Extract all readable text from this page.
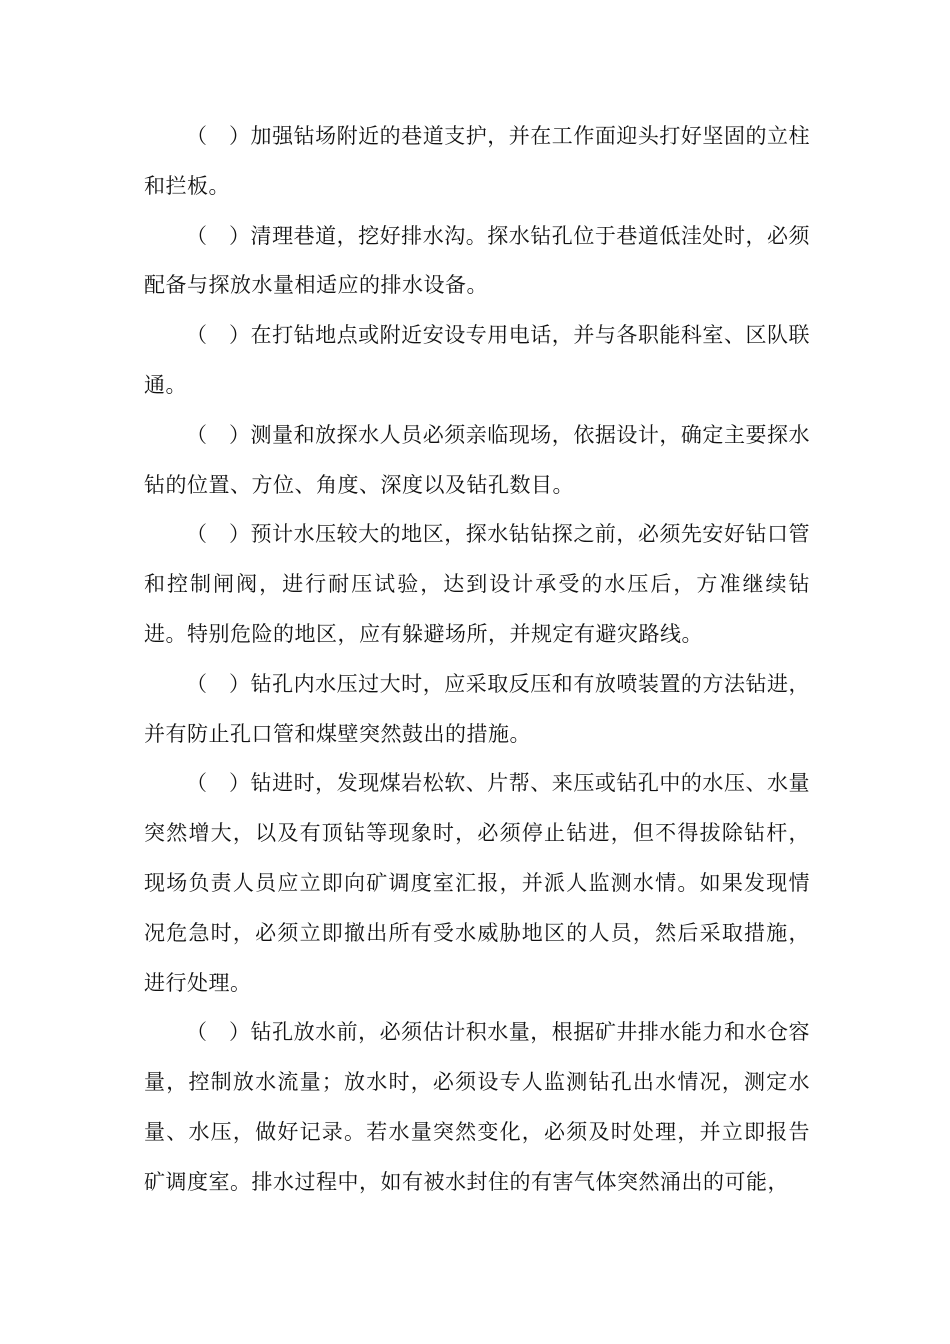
（　）加强钻场附近的巷道支护，并在工作面迎头打好坚固的立柱和拦板。

（　）清理巷道，挖好排水沟。探水钻孔位于巷道低洼处时，必须配备与探放水量相适应的排水设备。

（　）在打钻地点或附近安设专用电话，并与各职能科室、区队联通。

（　）测量和放探水人员必须亲临现场，依据设计，确定主要探水钻的位置、方位、角度、深度以及钻孔数目。

（　）预计水压较大的地区，探水钻钻探之前，必须先安好钻口管和控制闸阀，进行耐压试验，达到设计承受的水压后，方准继续钻进。特别危险的地区，应有躲避场所，并规定有避灾路线。

（　）钻孔内水压过大时，应采取反压和有放喷装置的方法钻进，并有防止孔口管和煤壁突然鼓出的措施。

（　）钻进时，发现煤岩松软、片帮、来压或钻孔中的水压、水量突然增大，以及有顶钻等现象时，必须停止钻进，但不得拔除钻杆，现场负责人员应立即向矿调度室汇报，并派人监测水情。如果发现情况危急时，必须立即撤出所有受水威胁地区的人员，然后采取措施，进行处理。

（　）钻孔放水前，必须估计积水量，根据矿井排水能力和水仓容量，控制放水流量；放水时，必须设专人监测钻孔出水情况，测定水量、水压，做好记录。若水量突然变化，必须及时处理，并立即报告矿调度室。排水过程中，如有被水封住的有害气体突然涌出的可能，
